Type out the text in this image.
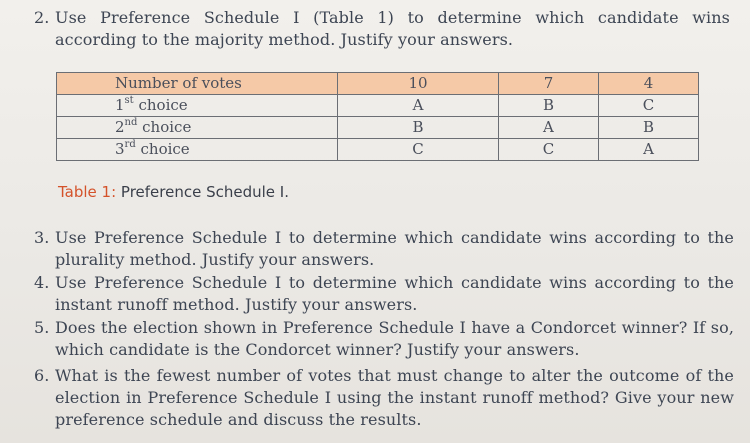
2. Use Preference Schedule I (Table 1) to determine which candidate wins according to the majority method. Justify your answers.
Number of votes	10	7	4
1st choice	A	B	C
2nd choice	B	A	B
3rd choice	C	C	A
Table 1: Preference Schedule I.
3. Use Preference Schedule I to determine which candidate wins according to the plurality method. Justify your answers.
4. Use Preference Schedule I to determine which candidate wins according to the instant runoff method. Justify your answers.
5. Does the election shown in Preference Schedule I have a Condorcet winner? If so, which candidate is the Condorcet winner? Justify your answers.
6. What is the fewest number of votes that must change to alter the outcome of the election in Preference Schedule I using the instant runoff method? Give your new preference schedule and discuss the results.
